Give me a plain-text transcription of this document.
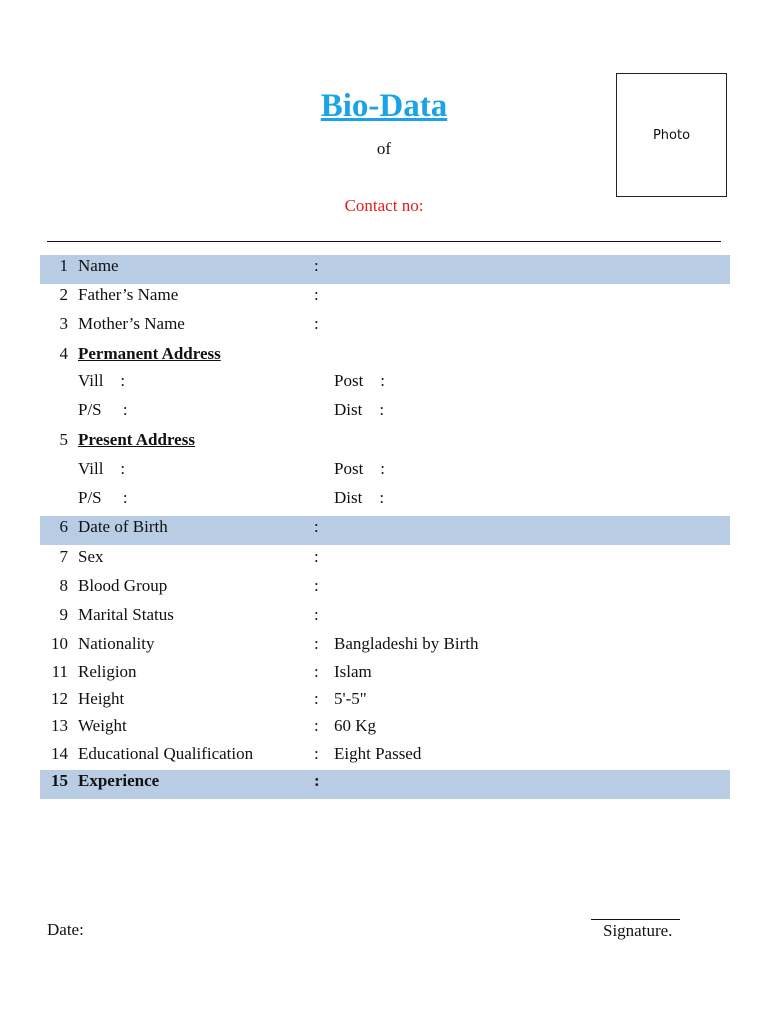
Bio-Data
of
Contact no:
Photo
1 Name	:
2 Father’s Name	:
3 Mother’s Name	:
4 Permanent Address
Vill    :	Post    :
P/S     :	Dist    :
5 Present Address
Vill    :	Post    :
P/S     :	Dist    :
6 Date of Birth	:
7 Sex	:
8 Blood Group	:
9 Marital Status	:
10 Nationality	: Bangladeshi by Birth
11 Religion	: Islam
12 Height	: 5'-5"
13 Weight	: 60 Kg
14 Educational Qualification	: Eight Passed
15 Experience	:
Date:	Signature.
